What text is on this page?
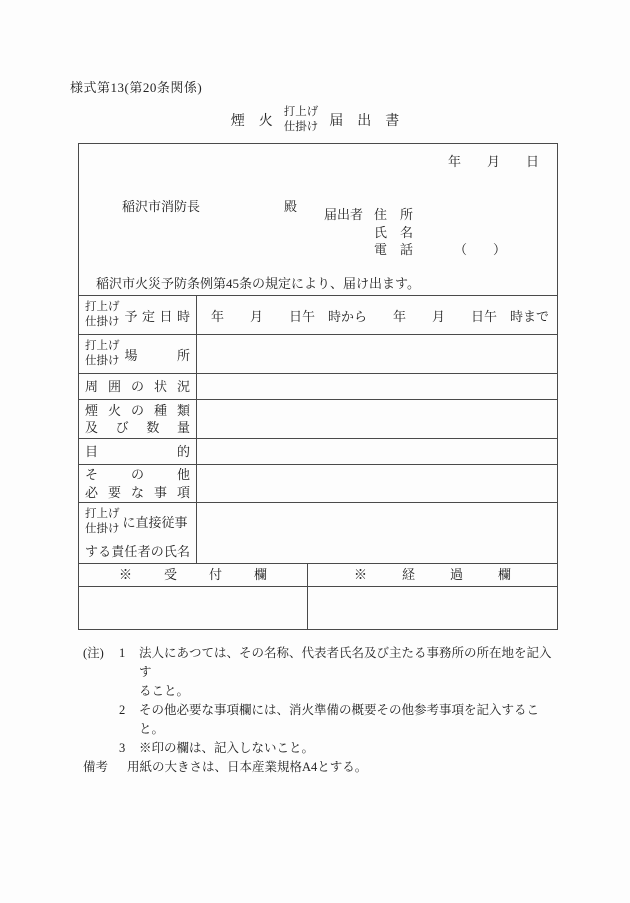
様式第13(第20条関係)
煙　火
打上げ
仕掛け 届　出　書
年　　月　　日

稲沢市消防長	殿

届出者 住　所
氏　名
電　話	（　　）
稲沢市火災予防条例第45条の規定により、届け出ます。
打上げ
仕掛け 予定日時	年　　月　　日午　時から　　年　　月　　日午　時まで
打上げ
仕掛け 場所
周囲の状況
煙火の種類
及び数量
目的
その他
必要な事項
打上げ
仕掛け に直接従事
する責任者の氏名
※受付欄	※経過欄
(注)	1	法人にあつては、その名称、代表者氏名及び主たる事務所の所在地を記入す
ること。
2	その他必要な事項欄には、消火準備の概要その他参考事項を記入すること。
3	※印の欄は、記入しないこと。
備考	用紙の大きさは、日本産業規格A4とする。
